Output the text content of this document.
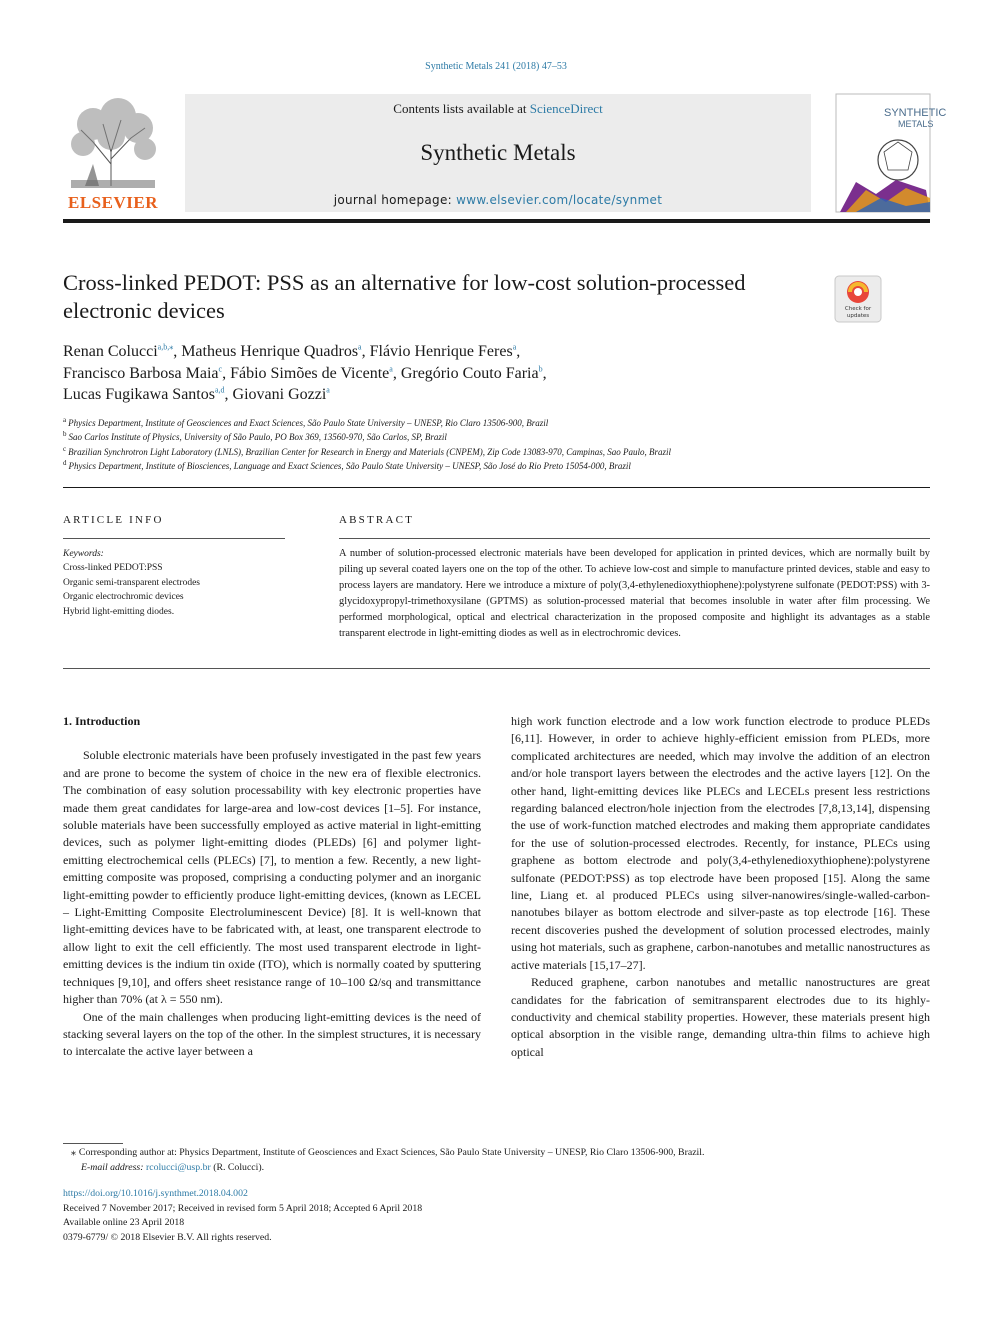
Synthetic Metals 241 (2018) 47–53
ELSEVIER
Contents lists available at ScienceDirect
Synthetic Metals
journal homepage: www.elsevier.com/locate/synmet
SYNTHETIC
METALS
Cross-linked PEDOT: PSS as an alternative for low-cost solution-processed electronic devices	Check for
updates
Renan Colucci$^{a,b,⁎}$, Matheus Henrique Quadros$^a$, Flávio Henrique Feres$^a$,
Francisco Barbosa Maia$^c$, Fábio Simões de Vicente$^a$, Gregório Couto Faria$^b$,
Lucas Fugikawa Santos$^{a,d}$, Giovani Gozzi$^a$
$^a$ Physics Department, Institute of Geosciences and Exact Sciences, São Paulo State University – UNESP, Rio Claro 13506-900, Brazil
$^b$ Sao Carlos Institute of Physics, University of São Paulo, PO Box 369, 13560-970, São Carlos, SP, Brazil
$^c$ Brazilian Synchrotron Light Laboratory (LNLS), Brazilian Center for Research in Energy and Materials (CNPEM), Zip Code 13083-970, Campinas, Sao Paulo, Brazil
$^d$ Physics Department, Institute of Biosciences, Language and Exact Sciences, São Paulo State University – UNESP, São José do Rio Preto 15054-000, Brazil
ARTICLE INFO
Keywords:
Cross-linked PEDOT:PSS
Organic semi-transparent electrodes
Organic electrochromic devices
Hybrid light-emitting diodes.
ABSTRACT
A number of solution-processed electronic materials have been developed for application in printed devices, which are normally built by piling up several coated layers one on the top of the other. To achieve low-cost and simple to manufacture printed devices, stable and easy to process layers are mandatory. Here we introduce a mixture of poly(3,4-ethylenedioxythiophene):polystyrene sulfonate (PEDOT:PSS) with 3-glycidoxypropyl-trimethoxysilane (GPTMS) as solution-processed material that becomes insoluble in water after film processing. We performed morphological, optical and electrical characterization in the proposed composite and highlight its advantages as a stable transparent electrode in light-emitting diodes as well as in electrochromic devices.
1. Introduction

Soluble electronic materials have been profusely investigated in the past few years and are prone to become the system of choice in the new era of flexible electronics. The combination of easy solution processability with key electronic properties have made them great candidates for large-area and low-cost devices [1–5]. For instance, soluble materials have been successfully employed as active material in light-emitting devices, such as polymer light-emitting diodes (PLEDs) [6] and polymer light-emitting electrochemical cells (PLECs) [7], to mention a few. Recently, a new light-emitting composite was proposed, comprising a conducting polymer and an inorganic light-emitting powder to efficiently produce light-emitting devices, (known as LECEL – Light-Emitting Composite Electroluminescent Device) [8]. It is well-known that light-emitting devices have to be fabricated with, at least, one transparent electrode to allow light to exit the cell efficiently. The most used transparent electrode in light-emitting devices is the indium tin oxide (ITO), which is normally coated by sputtering techniques [9,10], and offers sheet resistance range of 10–100 Ω/sq and transmittance higher than 70% (at λ = 550 nm).

One of the main challenges when producing light-emitting devices is the need of stacking several layers on the top of the other. In the simplest structures, it is necessary to intercalate the active layer between a

high work function electrode and a low work function electrode to produce PLEDs [6,11]. However, in order to achieve highly-efficient emission from PLEDs, more complicated architectures are needed, which may involve the addition of an electron and/or hole transport layers between the electrodes and the active layers [12]. On the other hand, light-emitting devices like PLECs and LECELs present less restrictions regarding balanced electron/hole injection from the electrodes [7,8,13,14], dispensing the use of work-function matched electrodes and making them appropriate candidates for the use of solution-processed electrodes. Recently, for instance, PLECs using graphene as bottom electrode and poly(3,4-ethylenedioxythiophene):polystyrene sulfonate (PEDOT:PSS) as top electrode have been proposed [15]. Along the same line, Liang et. al produced PLECs using silver-nanowires/single-walled-carbon-nanotubes bilayer as bottom electrode and silver-paste as top electrode [16]. These recent discoveries pushed the development of solution processed electrodes, mainly using hot materials, such as graphene, carbon-nanotubes and metallic nanostructures as active materials [15,17–27].

Reduced graphene, carbon nanotubes and metallic nanostructures are great candidates for the fabrication of semitransparent electrodes due to its highly-conductivity and chemical stability properties. However, these materials present high optical absorption in the visible range, demanding ultra-thin films to achieve high optical

⁎ Corresponding author at: Physics Department, Institute of Geosciences and Exact Sciences, São Paulo State University – UNESP, Rio Claro 13506-900, Brazil.
E-mail address: rcolucci@usp.br (R. Colucci).
https://doi.org/10.1016/j.synthmet.2018.04.002
Received 7 November 2017; Received in revised form 5 April 2018; Accepted 6 April 2018
Available online 23 April 2018
0379-6779/ © 2018 Elsevier B.V. All rights reserved.
